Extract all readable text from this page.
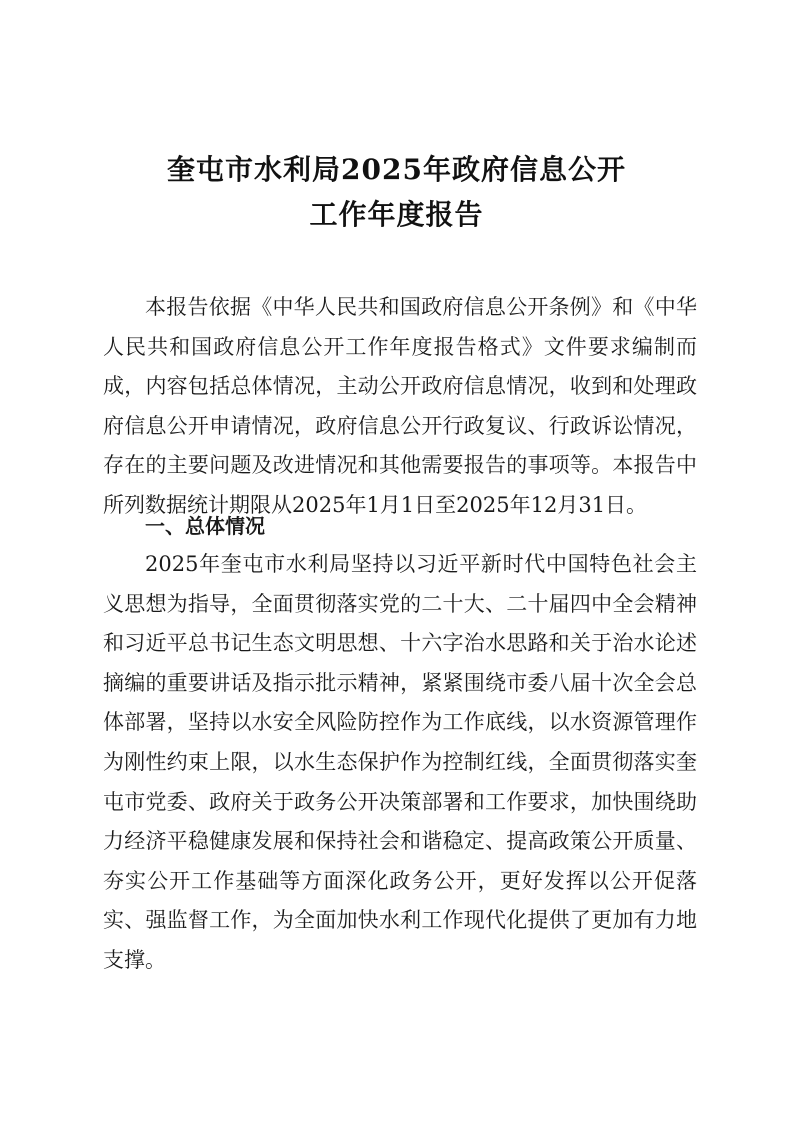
奎屯市水利局2025年政府信息公开
工作年度报告

本报告依据《中华人民共和国政府信息公开条例》和《中华人民共和国政府信息公开工作年度报告格式》文件要求编制而成，内容包括总体情况，主动公开政府信息情况，收到和处理政府信息公开申请情况，政府信息公开行政复议、行政诉讼情况，存在的主要问题及改进情况和其他需要报告的事项等。本报告中所列数据统计期限从2025年1月1日至2025年12月31日。

一、总体情况

2025年奎屯市水利局坚持以习近平新时代中国特色社会主义思想为指导，全面贯彻落实党的二十大、二十届四中全会精神和习近平总书记生态文明思想、十六字治水思路和关于治水论述摘编的重要讲话及指示批示精神，紧紧围绕市委八届十次全会总体部署，坚持以水安全风险防控作为工作底线，以水资源管理作为刚性约束上限，以水生态保护作为控制红线，全面贯彻落实奎屯市党委、政府关于政务公开决策部署和工作要求，加快围绕助力经济平稳健康发展和保持社会和谐稳定、提高政策公开质量、夯实公开工作基础等方面深化政务公开，更好发挥以公开促落实、强监督工作，为全面加快水利工作现代化提供了更加有力地支撑。
